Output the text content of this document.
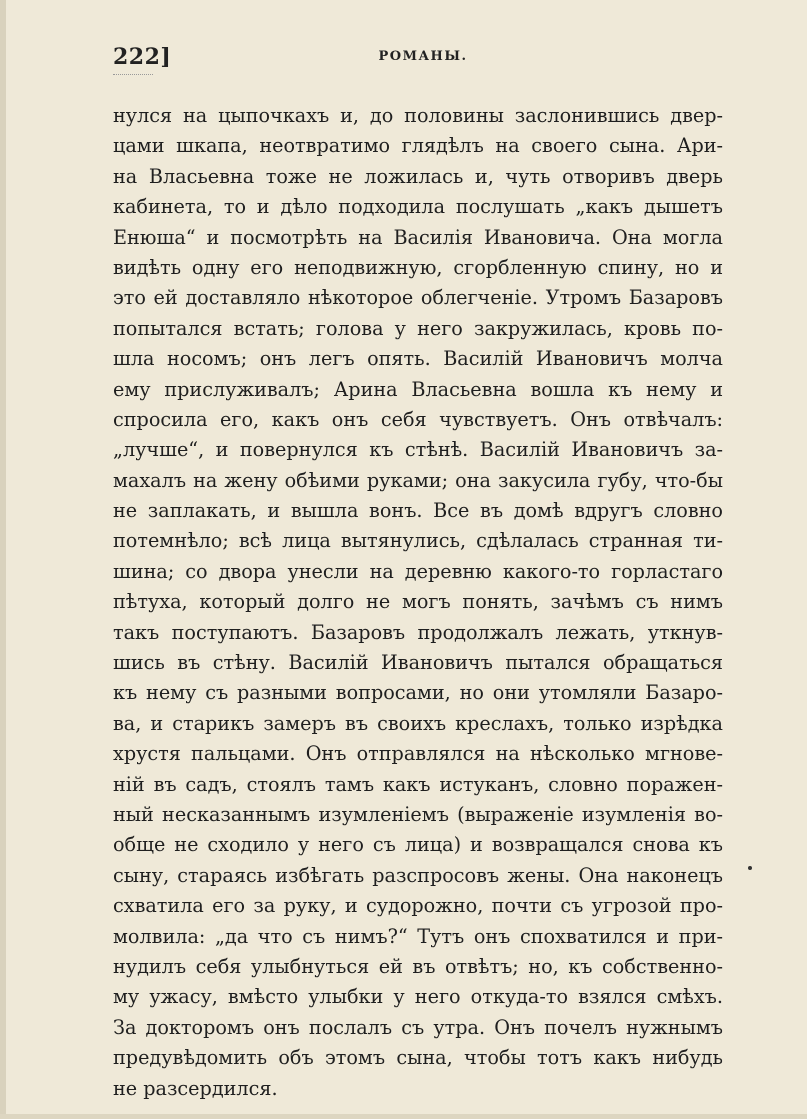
222]	РОМАНЫ.
нулся на цыпочкахъ и, до половины заслонившись двер-
цами шкапа, неотвратимо глядѣлъ на своего сына. Ари-
на Власьевна тоже не ложилась и, чуть отворивъ дверь
кабинета, то и дѣло подходила послушать „какъ дышетъ
Енюша“ и посмотрѣть на Василія Ивановича. Она могла
видѣть одну его неподвижную, сгорбленную спину, но и
это ей доставляло нѣкоторое облегченіе. Утромъ Базаровъ
попытался встать; голова у него закружилась, кровь по-
шла носомъ; онъ легъ опять. Василій Ивановичъ молча
ему прислуживалъ; Арина Власьевна вошла къ нему и
спросила его, какъ онъ себя чувствуетъ. Онъ отвѣчалъ:
„лучше“, и повернулся къ стѣнѣ. Василій Ивановичъ за-
махалъ на жену обѣими руками; она закусила губу, что-бы
не заплакать, и вышла вонъ. Все въ домѣ вдругъ словно
потемнѣло; всѣ лица вытянулись, сдѣлалась странная ти-
шина; со двора унесли на деревню какого-то горластаго
пѣтуха, который долго не могъ понять, зачѣмъ съ нимъ
такъ поступаютъ. Базаровъ продолжалъ лежать, уткнув-
шись въ стѣну. Василій Ивановичъ пытался обращаться
къ нему съ разными вопросами, но они утомляли Базаро-
ва, и старикъ замеръ въ своихъ креслахъ, только изрѣдка
хрустя пальцами. Онъ отправлялся на нѣсколько мгнове-
ній въ садъ, стоялъ тамъ какъ истуканъ, словно поражен-
ный несказаннымъ изумленіемъ (выраженіе изумленія во-
обще не сходило у него съ лица) и возвращался снова къ
сыну, стараясь избѣгать разспросовъ жены. Она наконецъ
схватила его за руку, и судорожно, почти съ угрозой про-
молвила: „да что съ нимъ?“ Тутъ онъ спохватился и при-
нудилъ себя улыбнуться ей въ отвѣтъ; но, къ собственно-
му ужасу, вмѣсто улыбки у него откуда-то взялся смѣхъ.
За докторомъ онъ послалъ съ утра. Онъ почелъ нужнымъ
предувѣдомить объ этомъ сына, чтобы тотъ какъ нибудь
не разсердился.
